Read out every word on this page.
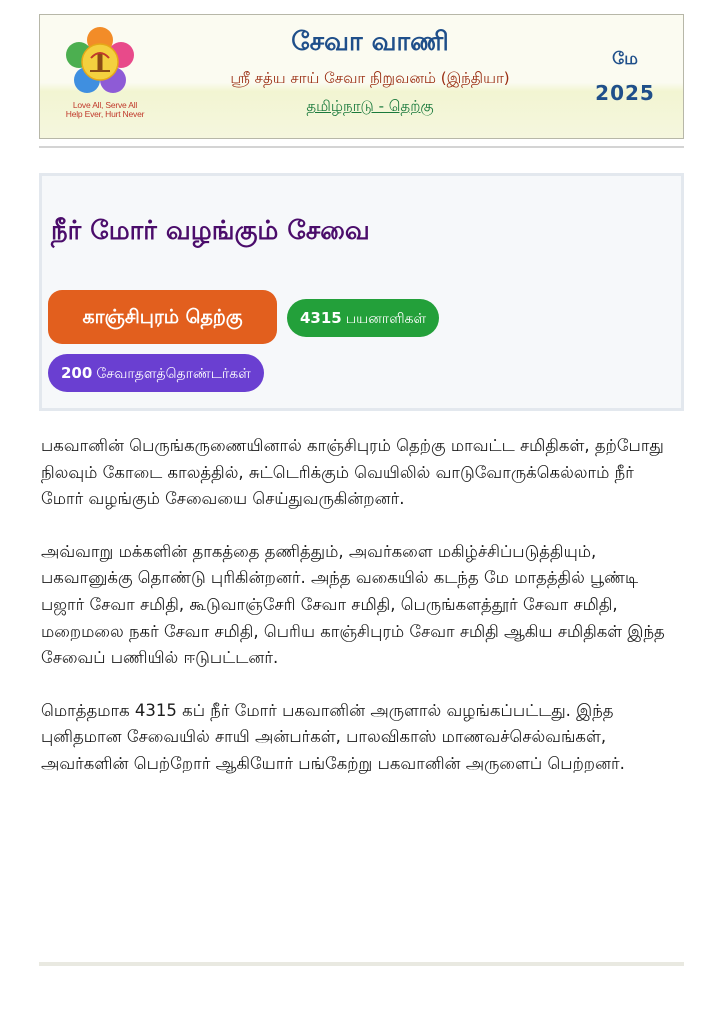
Love All, Serve All
Help Ever, Hurt Never
சேவா வாணி
ஸ்ரீ சத்ய சாய் சேவா நிறுவனம் (இந்தியா)
தமிழ்நாடு - தெற்கு
மே
2025
நீர் மோர் வழங்கும் சேவை
காஞ்சிபுரம் தெற்கு	4315 பயனாளிகள்
200 சேவாதளத்தொண்டர்கள்

பகவானின் பெருங்கருணையினால் காஞ்சிபுரம் தெற்கு மாவட்ட சமிதிகள், தற்போது நிலவும் கோடை காலத்தில், சுட்டெரிக்கும் வெயிலில் வாடுவோருக்கெல்லாம் நீர் மோர் வழங்கும் சேவையை செய்துவருகின்றனர்.

அவ்வாறு மக்களின் தாகத்தை தணித்தும், அவர்களை மகிழ்ச்சிப்படுத்தியும், பகவானுக்கு தொண்டு புரிகின்றனர். அந்த வகையில் கடந்த மே மாதத்தில் பூண்டி பஜார் சேவா சமிதி, கூடுவாஞ்சேரி சேவா சமிதி, பெருங்களத்தூர் சேவா சமிதி, மறைமலை நகர் சேவா சமிதி, பெரிய காஞ்சிபுரம் சேவா சமிதி ஆகிய சமிதிகள் இந்த சேவைப் பணியில் ஈடுபட்டனர்.

மொத்தமாக 4315 கப் நீர் மோர் பகவானின் அருளால் வழங்கப்பட்டது. இந்த புனிதமான சேவையில் சாயி அன்பர்கள், பாலவிகாஸ் மாணவச்செல்வங்கள், அவர்களின் பெற்றோர் ஆகியோர் பங்கேற்று பகவானின் அருளைப் பெற்றனர்.
